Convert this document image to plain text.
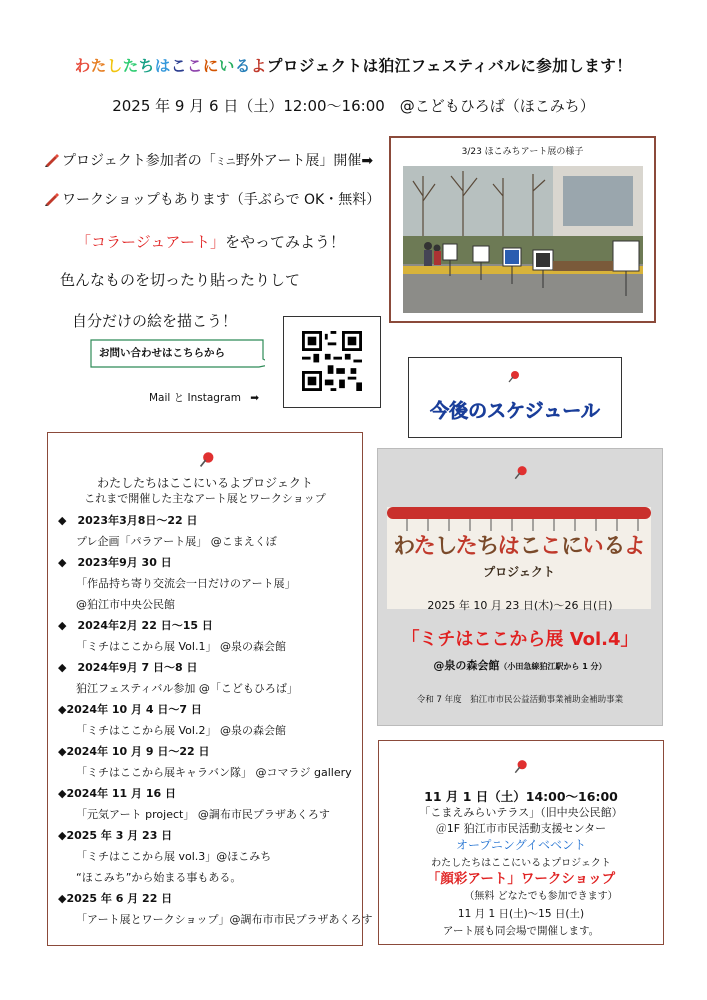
わたしたちはここにいるよプロジェクトは狛江フェスティバルに参加します！
2025 年 9 月 6 日（土）12:00〜16:00　@こどもひろば（ほこみち）
プロジェクト参加者の「ミニ野外アート展」開催➡
ワークショップもあります（手ぶらで OK・無料）
「コラージュアート」をやってみよう！
色んなものを切ったり貼ったりして
自分だけの絵を描こう！
3/23 ほこみちアート展の様子
お問い合わせはこちらから
Mail と Instagram ➡
今後のスケジュール
わたしたちはここにいるよプロジェクト
これまで開催した主なアート展とワークショップ
◆　2023年3月8日〜22 日
プレ企画「パラアート展」 @こまえくぼ
◆　2023年9月 30 日
「作品持ち寄り交流会一日だけのアート展」
@狛江市中央公民館
◆　2024年2月 22 日〜15 日
「ミチはここから展 Vol.1」 @泉の森会館
◆　2024年9月 7 日〜8 日
狛江フェスティバル参加 @「こどもひろば」
◆2024年 10 月 4 日〜7 日
「ミチはここから展 Vol.2」 @泉の森会館
◆2024年 10 月 9 日〜22 日
「ミチはここから展キャラバン隊」 @コマラジ gallery
◆2024年 11 月 16 日
「元気アート project」 @調布市民プラザあくろす
◆2025 年 3 月 23 日
「ミチはここから展 vol.3」@ほこみち
“ほこみち”から始まる事もある。
◆2025 年 6 月 22 日
「アート展とワークショップ」@調布市市民プラザあくろす
わたしたちはここにいるよ
プロジェクト
2025 年 10 月 23 日(木)〜26 日(日)
「ミチはここから展 Vol.4」
@泉の森会館（小田急線狛江駅から 1 分）
令和 7 年度　狛江市市民公益活動事業補助金補助事業
11 月 1 日（土）14:00〜16:00
「こまえみらいテラス」（旧中央公民館）
＠1F 狛江市市民活動支援センター
オープニングイベベント
わたしたちはここにいるよプロジェクト
「顔彩アート」ワークショップ
（無料 どなたでも参加できます）
11 月 1 日(土)〜15 日(土)
アート展も同会場で開催します。
